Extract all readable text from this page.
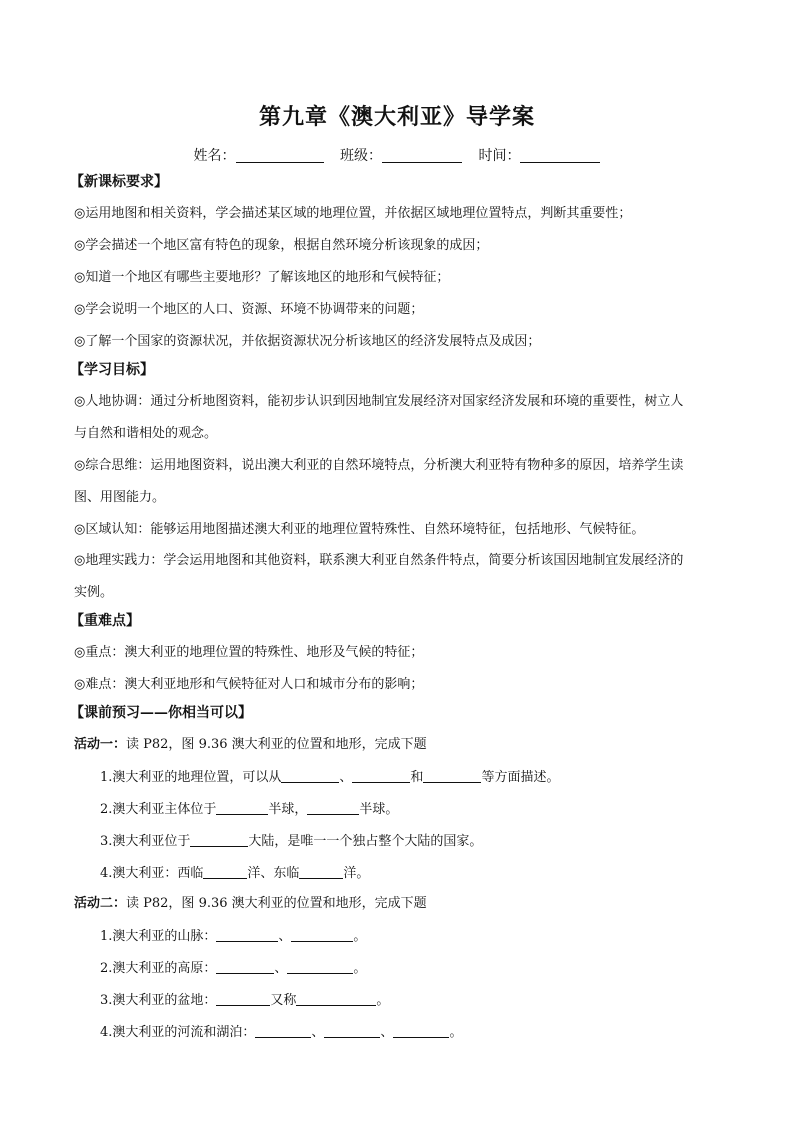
第九章《澳大利亚》导学案
姓名：	班级：	时间：
【新课标要求】
◎运用地图和相关资料，学会描述某区域的地理位置，并依据区域地理位置特点，判断其重要性；
◎学会描述一个地区富有特色的现象，根据自然环境分析该现象的成因；
◎知道一个地区有哪些主要地形？了解该地区的地形和气候特征；
◎学会说明一个地区的人口、资源、环境不协调带来的问题；
◎了解一个国家的资源状况，并依据资源状况分析该地区的经济发展特点及成因；
【学习目标】
◎人地协调：通过分析地图资料，能初步认识到因地制宜发展经济对国家经济发展和环境的重要性，树立人
与自然和谐相处的观念。
◎综合思维：运用地图资料，说出澳大利亚的自然环境特点，分析澳大利亚特有物种多的原因，培养学生读
图、用图能力。
◎区域认知：能够运用地图描述澳大利亚的地理位置特殊性、自然环境特征，包括地形、气候特征。
◎地理实践力：学会运用地图和其他资料，联系澳大利亚自然条件特点，简要分析该国因地制宜发展经济的
实例。
【重难点】
◎重点：澳大利亚的地理位置的特殊性、地形及气候的特征；
◎难点：澳大利亚地形和气候特征对人口和城市分布的影响；
【课前预习——你相当可以】
活动一：读 P82，图 9.36 澳大利亚的位置和地形，完成下题
1.澳大利亚的地理位置，可以从	、	和	等方面描述。
2.澳大利亚主体位于	半球，	半球。
3.澳大利亚位于	大陆，是唯一一个独占整个大陆的国家。
4.澳大利亚：西临	洋、东临	洋。
活动二：读 P82，图 9.36 澳大利亚的位置和地形，完成下题
1.澳大利亚的山脉：	、	。
2.澳大利亚的高原：	、	。
3.澳大利亚的盆地：	又称	。
4.澳大利亚的河流和湖泊：	、	、	。
